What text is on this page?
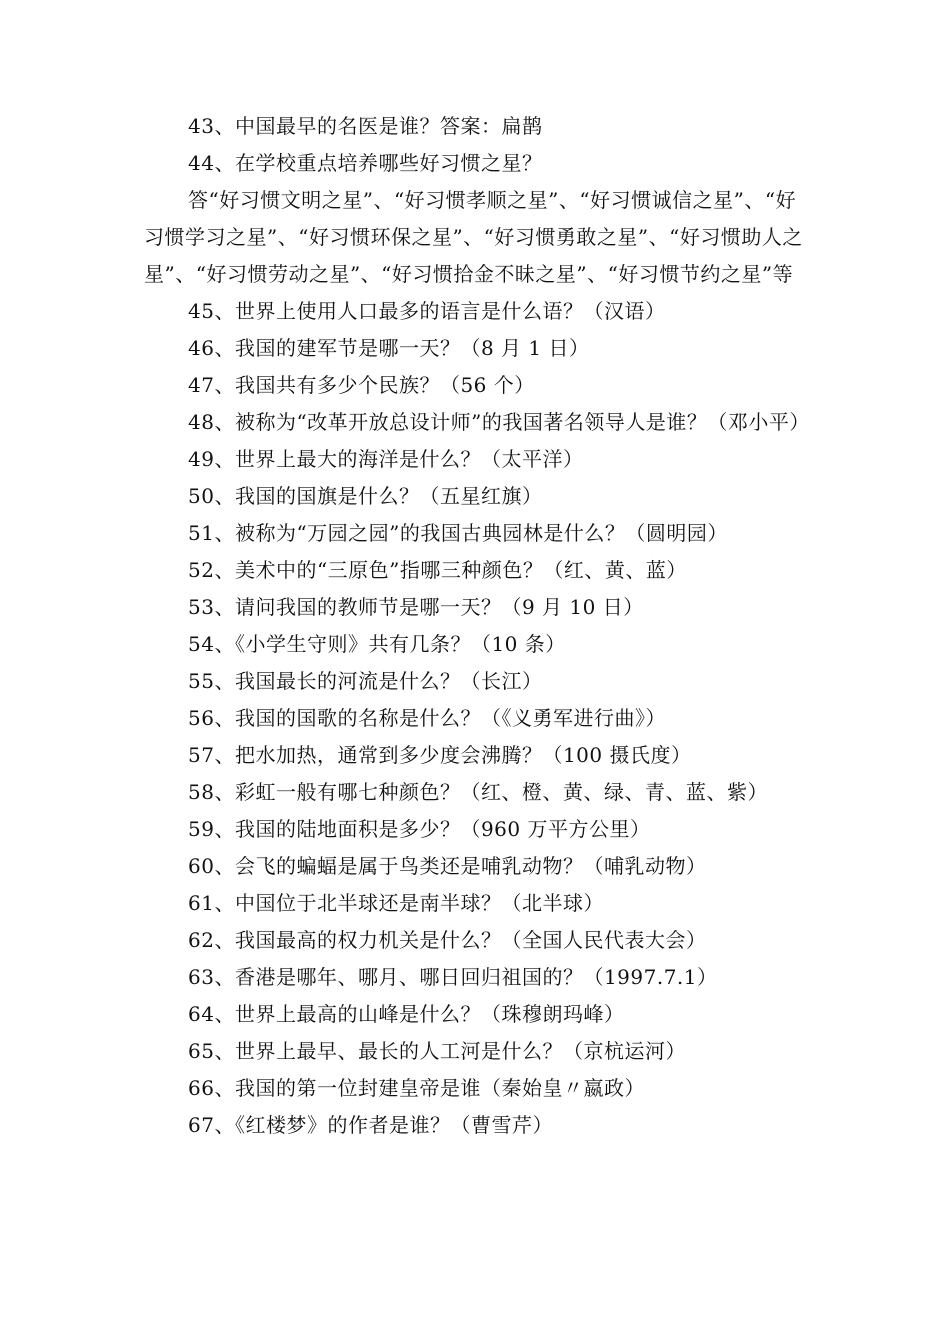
43、中国最早的名医是谁？答案：扁鹊

44、在学校重点培养哪些好习惯之星？

答“好习惯文明之星”、“好习惯孝顺之星”、“好习惯诚信之星”、“好习惯学习之星”、“好习惯环保之星”、“好习惯勇敢之星”、“好习惯助人之星”、“好习惯劳动之星”、“好习惯拾金不昧之星”、“好习惯节约之星”等

45、世界上使用人口最多的语言是什么语？（汉语）

46、我国的建军节是哪一天？（8 月 1 日）

47、我国共有多少个民族？（56 个）

48、被称为“改革开放总设计师”的我国著名领导人是谁？（邓小平）

49、世界上最大的海洋是什么？（太平洋）

50、我国的国旗是什么？（五星红旗）

51、被称为“万园之园”的我国古典园林是什么？（圆明园）

52、美术中的“三原色”指哪三种颜色？（红、黄、蓝）

53、请问我国的教师节是哪一天？（9 月 10 日）

54、《小学生守则》共有几条？（10 条）

55、我国最长的河流是什么？（长江）

56、我国的国歌的名称是什么？（《义勇军进行曲》）

57、把水加热，通常到多少度会沸腾？（100 摄氏度）

58、彩虹一般有哪七种颜色？（红、橙、黄、绿、青、蓝、紫）

59、我国的陆地面积是多少？（960 万平方公里）

60、会飞的蝙蝠是属于鸟类还是哺乳动物？（哺乳动物）

61、中国位于北半球还是南半球？（北半球）

62、我国最高的权力机关是什么？（全国人民代表大会）

63、香港是哪年、哪月、哪日回归祖国的？（1997.7.1）

64、世界上最高的山峰是什么？（珠穆朗玛峰）

65、世界上最早、最长的人工河是什么？（京杭运河）

66、我国的第一位封建皇帝是谁（秦始皇〃嬴政）

67、《红楼梦》的作者是谁？（曹雪芹）
